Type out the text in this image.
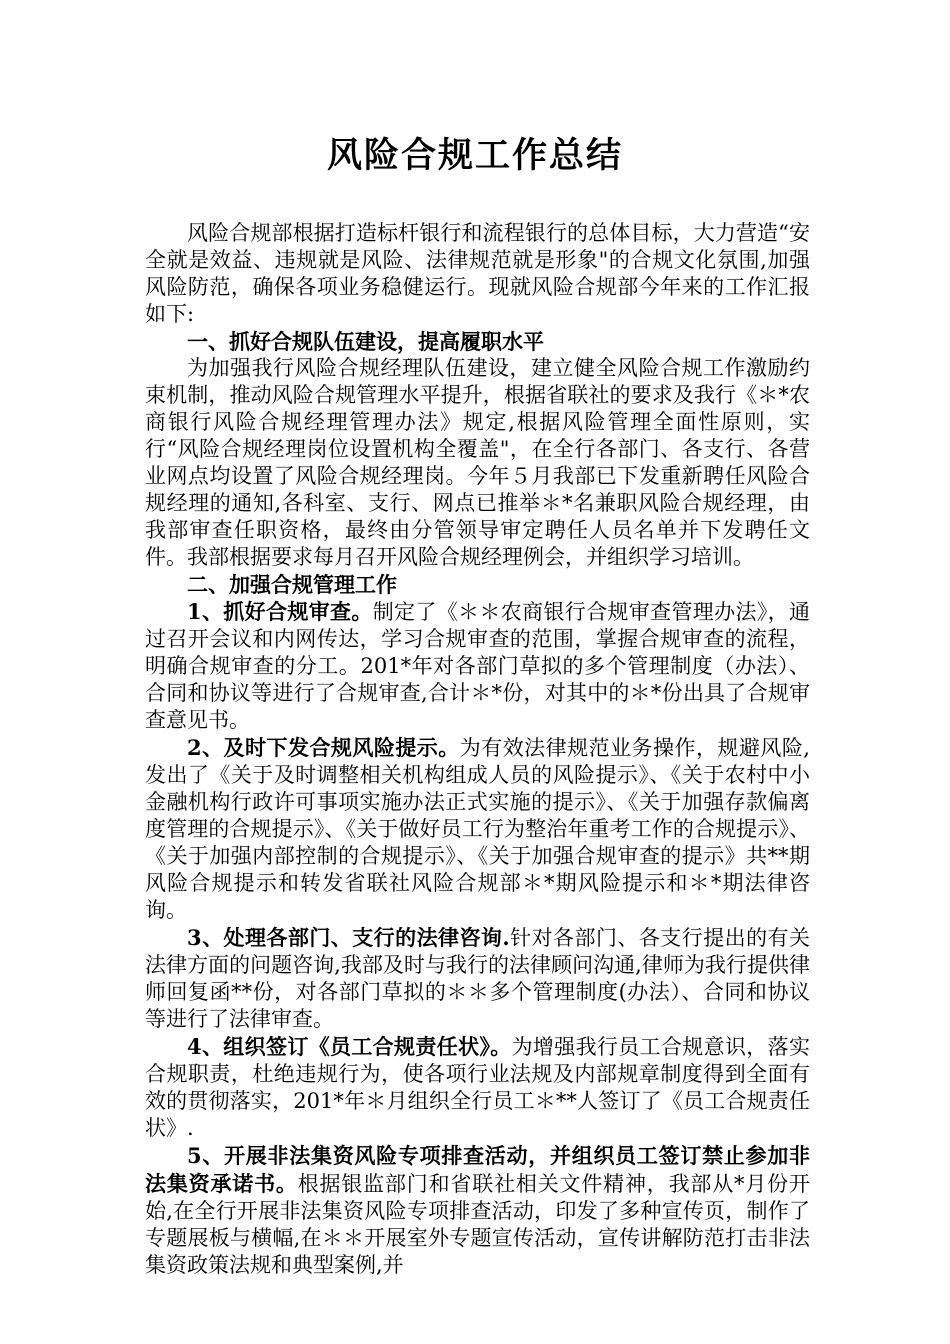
风险合规工作总结

风险合规部根据打造标杆银行和流程银行的总体目标，大力营造“安全就是效益、违规就是风险、法律规范就是形象"的合规文化氛围,加强风险防范，确保各项业务稳健运行。现就风险合规部今年来的工作汇报如下:

一、抓好合规队伍建设，提高履职水平

为加强我行风险合规经理队伍建设，建立健全风险合规工作激励约束机制，推动风险合规管理水平提升，根据省联社的要求及我行《＊*农商银行风险合规经理管理办法》规定,根据风险管理全面性原则，实行“风险合规经理岗位设置机构全覆盖"，在全行各部门、各支行、各营业网点均设置了风险合规经理岗。今年５月我部已下发重新聘任风险合规经理的通知,各科室、支行、网点已推举＊*名兼职风险合规经理，由我部审查任职资格，最终由分管领导审定聘任人员名单并下发聘任文件。我部根据要求每月召开风险合规经理例会，并组织学习培训。

二、加强合规管理工作

1、抓好合规审查。制定了《＊＊农商银行合规审查管理办法》，通过召开会议和内网传达，学习合规审查的范围，掌握合规审查的流程，明确合规审查的分工。201*年对各部门草拟的多个管理制度（办法）、合同和协议等进行了合规审查,合计＊*份，对其中的＊*份出具了合规审查意见书。

2、及时下发合规风险提示。为有效法律规范业务操作，规避风险,发出了《关于及时调整相关机构组成人员的风险提示》、《关于农村中小金融机构行政许可事项实施办法正式实施的提示》、《关于加强存款偏离度管理的合规提示》、《关于做好员工行为整治年重考工作的合规提示》、《关于加强内部控制的合规提示》、《关于加强合规审查的提示》共**期风险合规提示和转发省联社风险合规部＊*期风险提示和＊*期法律咨询。

3、处理各部门、支行的法律咨询.针对各部门、各支行提出的有关法律方面的问题咨询,我部及时与我行的法律顾问沟通,律师为我行提供律师回复函**份，对各部门草拟的＊＊多个管理制度(办法）、合同和协议等进行了法律审查。

4、组织签订《员工合规责任状》。为增强我行员工合规意识，落实合规职责，杜绝违规行为，使各项行业法规及内部规章制度得到全面有效的贯彻落实，201*年＊月组织全行员工＊**人签订了《员工合规责任状》.

5、开展非法集资风险专项排查活动，并组织员工签订禁止参加非法集资承诺书。根据银监部门和省联社相关文件精神，我部从*月份开始,在全行开展非法集资风险专项排查活动，印发了多种宣传页，制作了专题展板与横幅,在＊＊开展室外专题宣传活动，宣传讲解防范打击非法集资政策法规和典型案例,并
